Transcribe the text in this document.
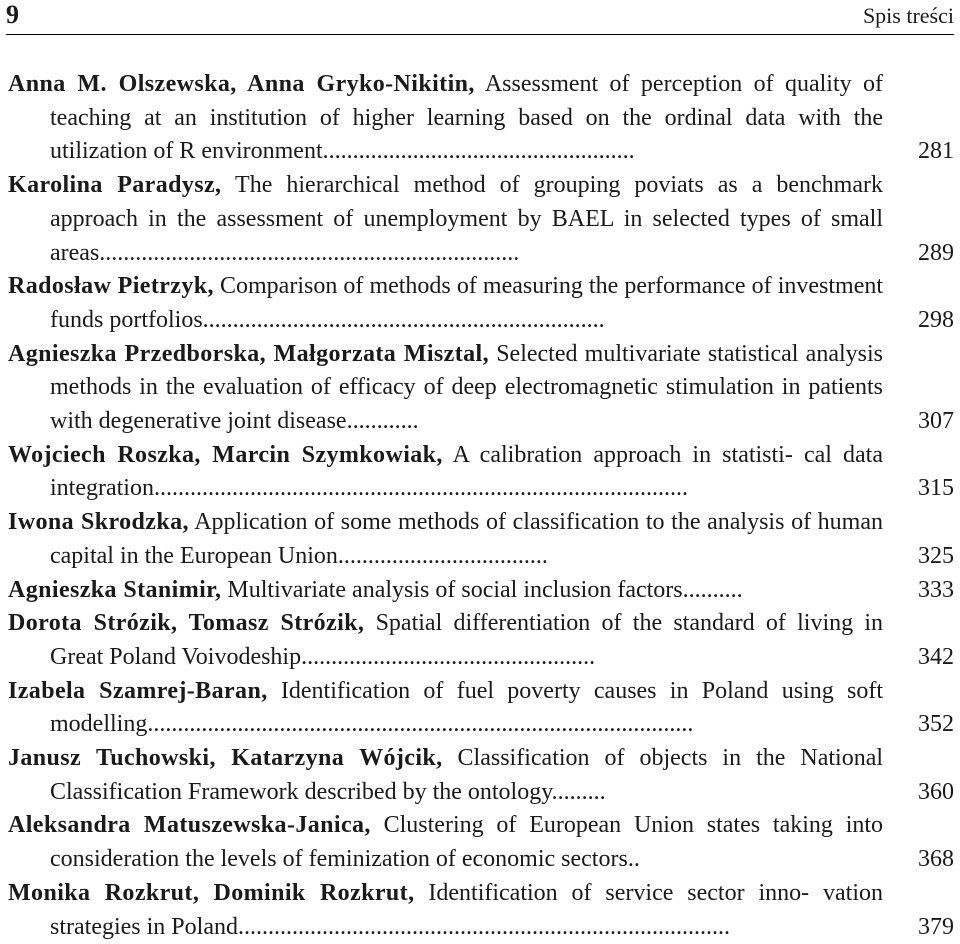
9	Spis treści
Anna M. Olszewska, Anna Gryko-Nikitin, Assessment of perception of quality of teaching at an institution of higher learning based on the ordinal data with the utilization of R environment....................................................	281
Karolina Paradysz, The hierarchical method of grouping poviats as a benchmark approach in the assessment of unemployment by BAEL in selected types of small areas......................................................................	289
Radosław Pietrzyk, Comparison of methods of measuring the performance of investment funds portfolios...................................................................	298
Agnieszka Przedborska, Małgorzata Misztal, Selected multivariate statistical analysis methods in the evaluation of efficacy of deep electromagnetic stimulation in patients with degenerative joint disease............	307
Wojciech Roszka, Marcin Szymkowiak, A calibration approach in statisti- cal data integration.........................................................................................	315
Iwona Skrodzka, Application of some methods of classification to the analysis of human capital in the European Union...................................	325
Agnieszka Stanimir, Multivariate analysis of social inclusion factors..........	333
Dorota Strózik, Tomasz Strózik, Spatial differentiation of the standard of living in Great Poland Voivodeship.................................................	342
Izabela Szamrej-Baran, Identification of fuel poverty causes in Poland using soft modelling...........................................................................................	352
Janusz Tuchowski, Katarzyna Wójcik, Classification of objects in the National Classification Framework described by the ontology.........	360
Aleksandra Matuszewska-Janica, Clustering of European Union states taking into consideration the levels of feminization of economic sectors..	368
Monika Rozkrut, Dominik Rozkrut, Identification of service sector inno- vation strategies in Poland..................................................................................	379
